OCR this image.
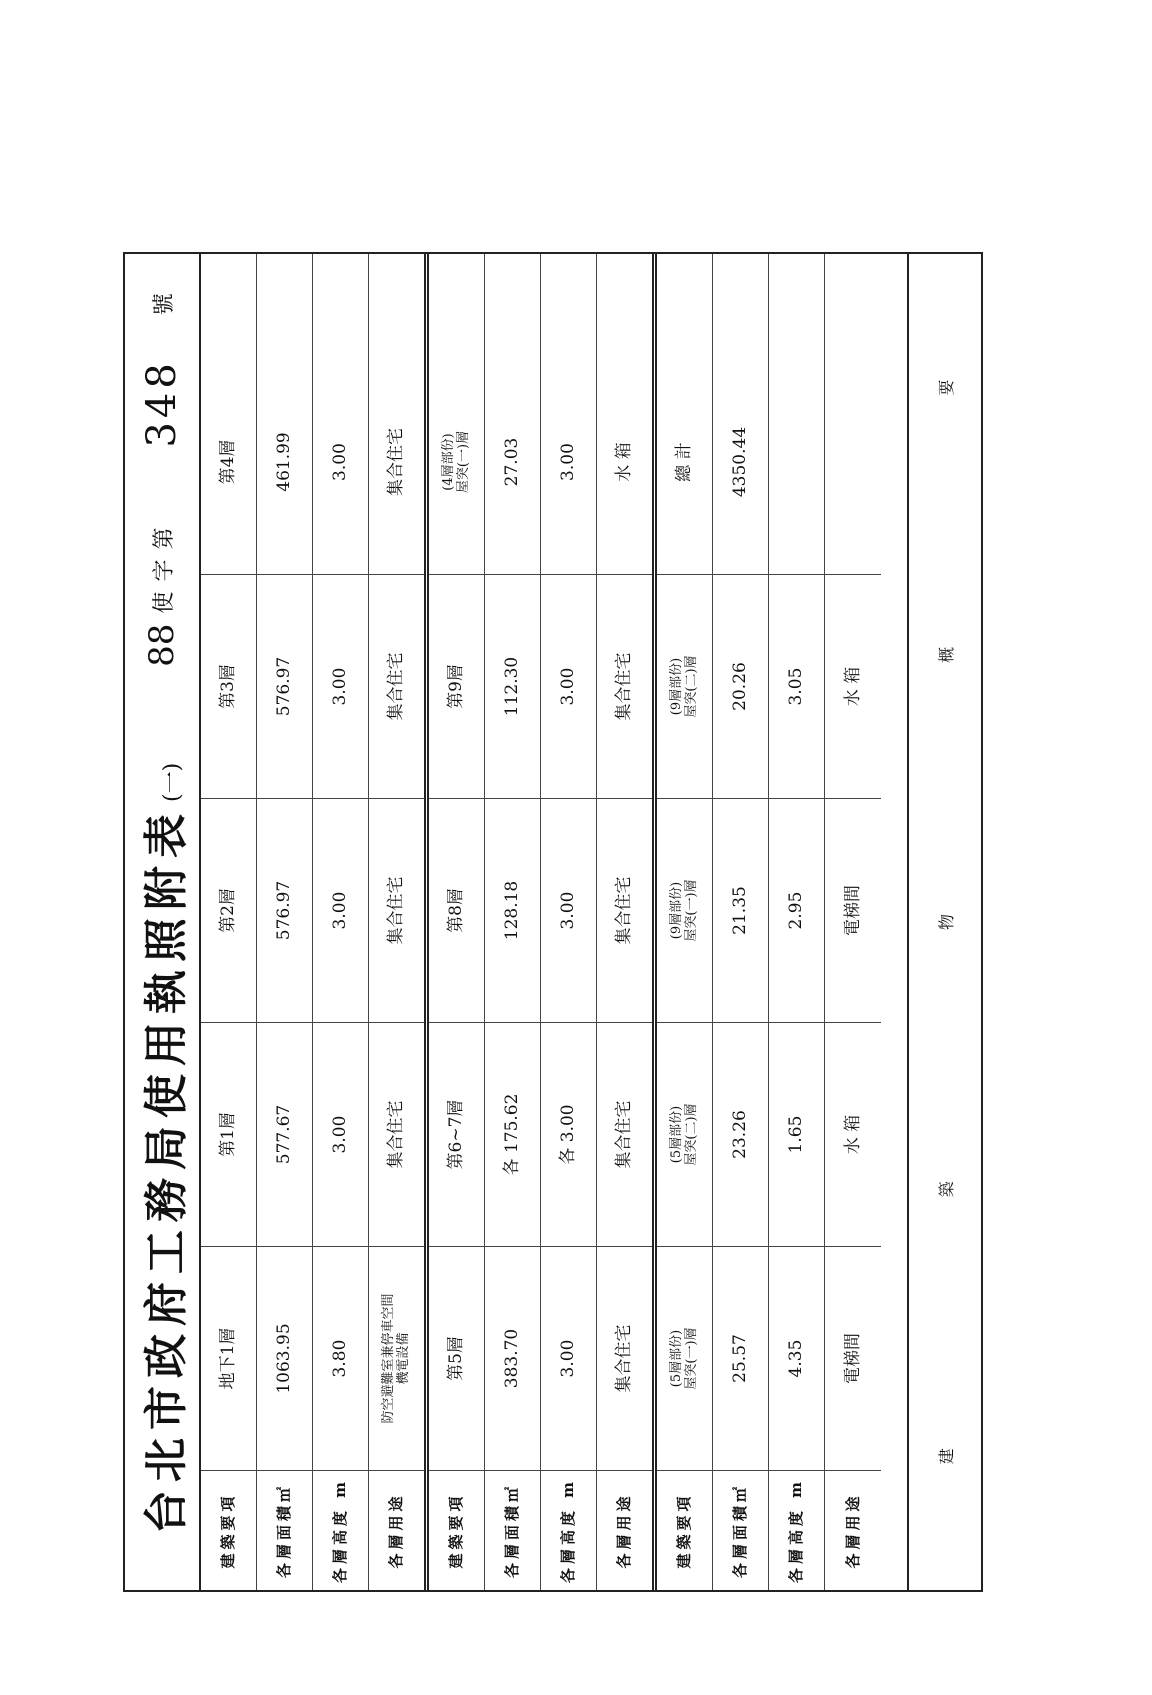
台北市政府工務局使用執照附表
(一)
88
使字第
348
號
建築要項
地下1層
第1層
第2層
第3層
第4層
各層面積㎡
1063.95
577.67
576.97
576.97
461.99
各層高度 m
3.80
3.00
3.00
3.00
3.00
各層用途
防空避難室兼停車空間
機電設備
集合住宅
集合住宅
集合住宅
集合住宅
建築要項
第5層
第6~7層
第8層
第9層
(4層部份)
屋突(一)層
各層面積㎡
383.70
各 175.62
128.18
112.30
27.03
各層高度 m
3.00
各 3.00
3.00
3.00
3.00
各層用途
集合住宅
集合住宅
集合住宅
集合住宅
水 箱
建築要項
(5層部份)
屋突(一)層
(5層部份)
屋突(二)層
(9層部份)
屋突(一)層
(9層部份)
屋突(二)層
總 計
各層面積㎡
25.57
23.26
21.35
20.26
4350.44
各層高度 m
4.35
1.65
2.95
3.05
各層用途
電梯間
水 箱
電梯間
水 箱
建
築
物
概
要
